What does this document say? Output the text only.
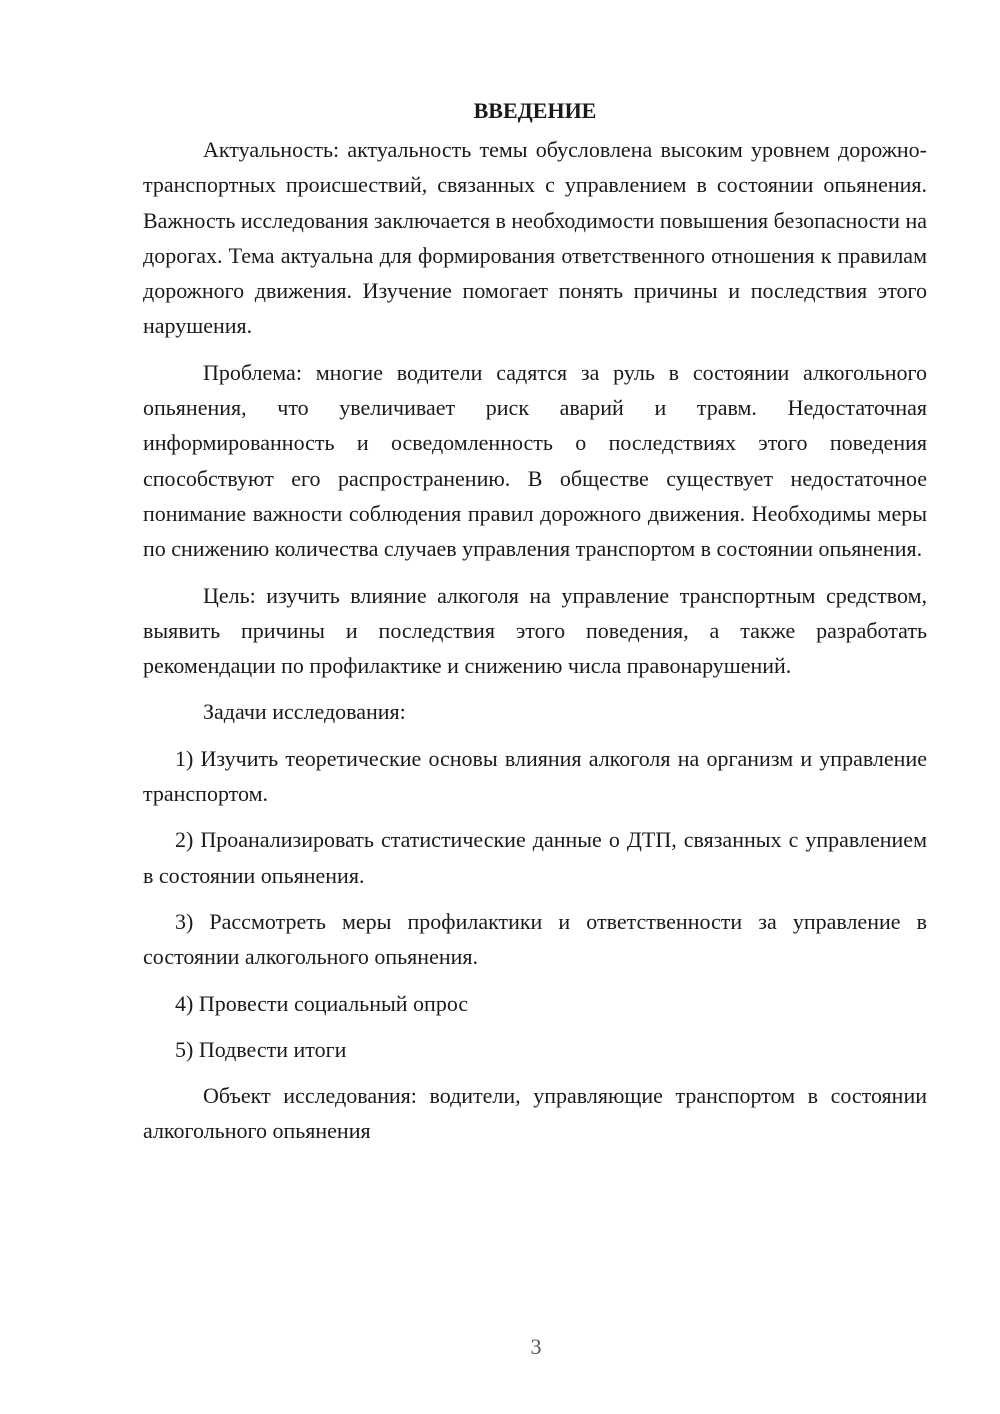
ВВЕДЕНИЕ

Актуальность: актуальность темы обусловлена высоким уровнем дорожно-транспортных происшествий, связанных с управлением в состоянии опьянения. Важность исследования заключается в необходимости повышения безопасности на дорогах. Тема актуальна для формирования ответственного отношения к правилам дорожного движения. Изучение помогает понять причины и последствия этого нарушения.

Проблема: многие водители садятся за руль в состоянии алкогольного опьянения, что увеличивает риск аварий и травм. Недостаточная информированность и осведомленность о последствиях этого поведения способствуют его распространению. В обществе существует недостаточное понимание важности соблюдения правил дорожного движения. Необходимы меры по снижению количества случаев управления транспортом в состоянии опьянения.

Цель: изучить влияние алкоголя на управление транспортным средством, выявить причины и последствия этого поведения, а также разработать рекомендации по профилактике и снижению числа правонарушений.

Задачи исследования:

1) Изучить теоретические основы влияния алкоголя на организм и управление транспортом.

2) Проанализировать статистические данные о ДТП, связанных с управлением в состоянии опьянения.

3) Рассмотреть меры профилактики и ответственности за управление в состоянии алкогольного опьянения.

4) Провести социальный опрос

5) Подвести итоги

Объект исследования: водители, управляющие транспортом в состоянии алкогольного опьянения

3
